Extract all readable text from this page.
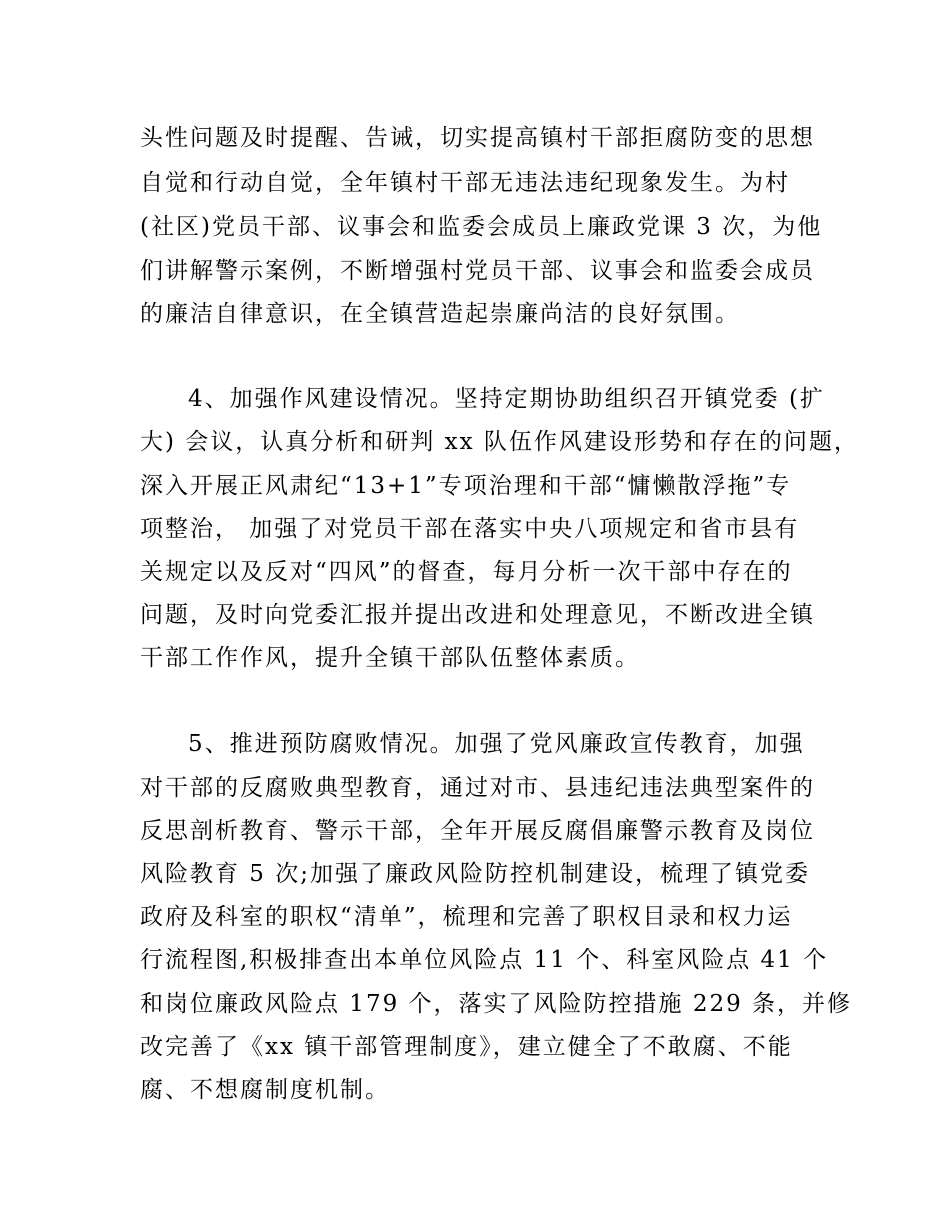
头性问题及时提醒、告诫，切实提高镇村干部拒腐防变的思想
自觉和行动自觉，全年镇村干部无违法违纪现象发生。为村
(社区)党员干部、议事会和监委会成员上廉政党课 3 次，为他
们讲解警示案例，不断增强村党员干部、议事会和监委会成员
的廉洁自律意识，在全镇营造起崇廉尚洁的良好氛围。
4、加强作风建设情况。坚持定期协助组织召开镇党委 (扩
大) 会议，认真分析和研判 xx 队伍作风建设形势和存在的问题，
深入开展正风肃纪“13+1”专项治理和干部“慵懒散浮拖”专
项整治， 加强了对党员干部在落实中央八项规定和省市县有
关规定以及反对“四风”的督查，每月分析一次干部中存在的
问题，及时向党委汇报并提出改进和处理意见，不断改进全镇
干部工作作风，提升全镇干部队伍整体素质。
5、推进预防腐败情况。加强了党风廉政宣传教育，加强
对干部的反腐败典型教育，通过对市、县违纪违法典型案件的
反思剖析教育、警示干部，全年开展反腐倡廉警示教育及岗位
风险教育 5 次;加强了廉政风险防控机制建设，梳理了镇党委
政府及科室的职权“清单”，梳理和完善了职权目录和权力运
行流程图,积极排查出本单位风险点 11 个、科室风险点 41 个
和岗位廉政风险点 179 个，落实了风险防控措施 229 条，并修
改完善了《xx 镇干部管理制度》，建立健全了不敢腐、不能
腐、不想腐制度机制。
